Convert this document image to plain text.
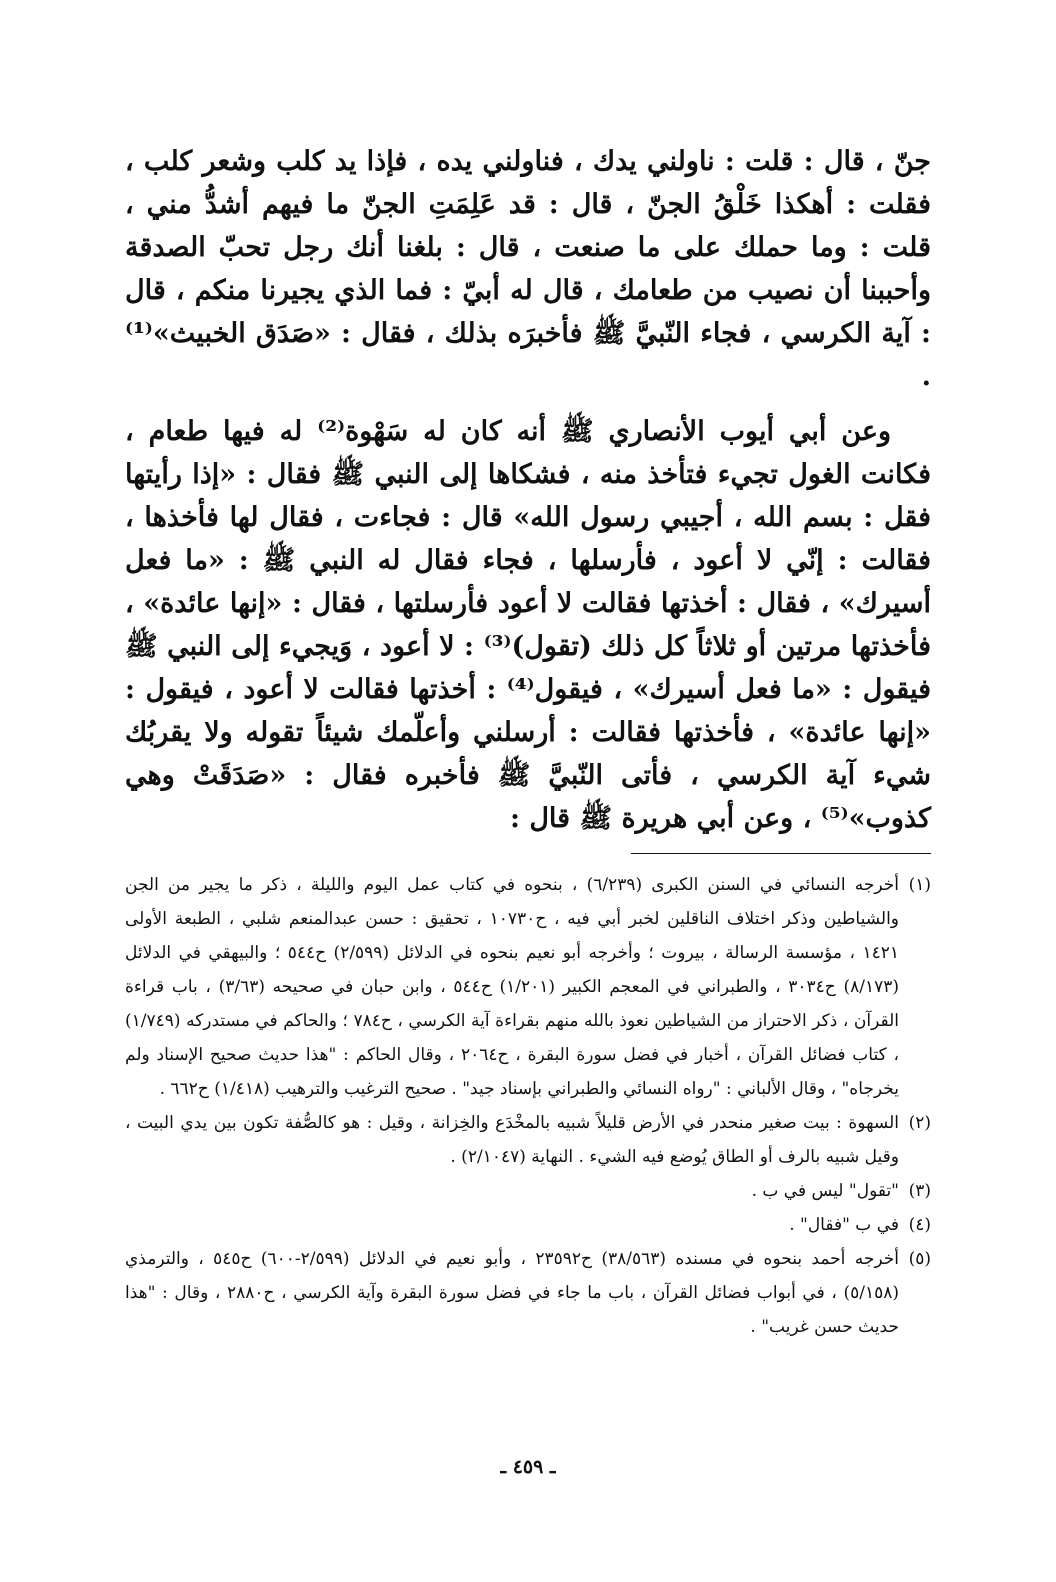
جنّ ، قال : قلت : ناولني يدك ، فناولني يده ، فإذا يد كلب وشعر كلب ، فقلت : أهكذا خَلْقُ الجنّ ، قال : قد عَلِمَتِ الجنّ ما فيهم أشدُّ مني ، قلت : وما حملك على ما صنعت ، قال : بلغنا أنك رجل تحبّ الصدقة وأحببنا أن نصيب من طعامك ، قال له أبيّ : فما الذي يجيرنا منكم ، قال : آية الكرسي ، فجاء النّبيَّ ﷺ فأخبرَه بذلك ، فقال : «صَدَق الخبيث»⁽¹⁾ .

وعن أبي أيوب الأنصاري ﷺ أنه كان له سَهْوة⁽²⁾ له فيها طعام ، فكانت الغول تجيء فتأخذ منه ، فشكاها إلى النبي ﷺ فقال : «إذا رأيتها فقل : بسم الله ، أجيبي رسول الله» قال : فجاءت ، فقال لها فأخذها ، فقالت : إنّي لا أعود ، فأرسلها ، فجاء فقال له النبي ﷺ : «ما فعل أسيرك» ، فقال : أخذتها فقالت لا أعود فأرسلتها ، فقال : «إنها عائدة» ، فأخذتها مرتين أو ثلاثاً كل ذلك (تقول)⁽³⁾ : لا أعود ، وَيجيء إلى النبي ﷺ فيقول : «ما فعل أسيرك» ، فيقول⁽⁴⁾ : أخذتها فقالت لا أعود ، فيقول : «إنها عائدة» ، فأخذتها فقالت : أرسلني وأعلّمك شيئاً تقوله ولا يقربُك شيء آية الكرسي ، فأتى النّبيَّ ﷺ فأخبره فقال : «صَدَقَتْ وهي كذوب»⁽⁵⁾ ، وعن أبي هريرة ﷺ قال :

(١)
أخرجه النسائي في السنن الكبرى (٦/٢٣٩) ، بنحوه في كتاب عمل اليوم والليلة ، ذكر ما يجير من الجن والشياطين وذكر اختلاف الناقلين لخبر أبي فيه ، ح١٠٧٣٠ ، تحقيق : حسن عبدالمنعم شلبي ، الطبعة الأولى ١٤٢١ ، مؤسسة الرسالة ، بيروت ؛ وأخرجه أبو نعيم بنحوه في الدلائل (٢/٥٩٩) ح٥٤٤ ؛ والبيهقي في الدلائل (٨/١٧٣) ح٣٠٣٤ ، والطبراني في المعجم الكبير (١/٢٠١) ح٥٤٤ ، وابن حبان في صحيحه (٣/٦٣) ، باب قراءة القرآن ، ذكر الاحتراز من الشياطين نعوذ بالله منهم بقراءة آية الكرسي ، ح٧٨٤ ؛ والحاكم في مستدركه (١/٧٤٩) ، كتاب فضائل القرآن ، أخبار في فضل سورة البقرة ، ح٢٠٦٤ ، وقال الحاكم : "هذا حديث صحيح الإسناد ولم يخرجاه" ، وقال الألباني : "رواه النسائي والطبراني بإسناد جيد" . صحيح الترغيب والترهيب (١/٤١٨) ح٦٦٢ .
(٢)
السهوة : بيت صغير منحدر في الأرض قليلاً شبيه بالمخْدَع والخِزانة ، وقيل : هو كالصُّفة تكون بين يدي البيت ، وقيل شبيه بالرف أو الطاق يُوضع فيه الشيء . النهاية (٢/١٠٤٧) .
(٣)
"تقول" ليس في ب .
(٤)
في ب "فقال" .
(٥)
أخرجه أحمد بنحوه في مسنده (٣٨/٥٦٣) ح٢٣٥٩٢ ، وأبو نعيم في الدلائل (٢/٥٩٩-٦٠٠) ح٥٤٥ ، والترمذي (٥/١٥٨) ، في أبواب فضائل القرآن ، باب ما جاء في فضل سورة البقرة وآية الكرسي ، ح٢٨٨٠ ، وقال : "هذا حديث حسن غريب" .
ـ ٤٥٩ ـ
